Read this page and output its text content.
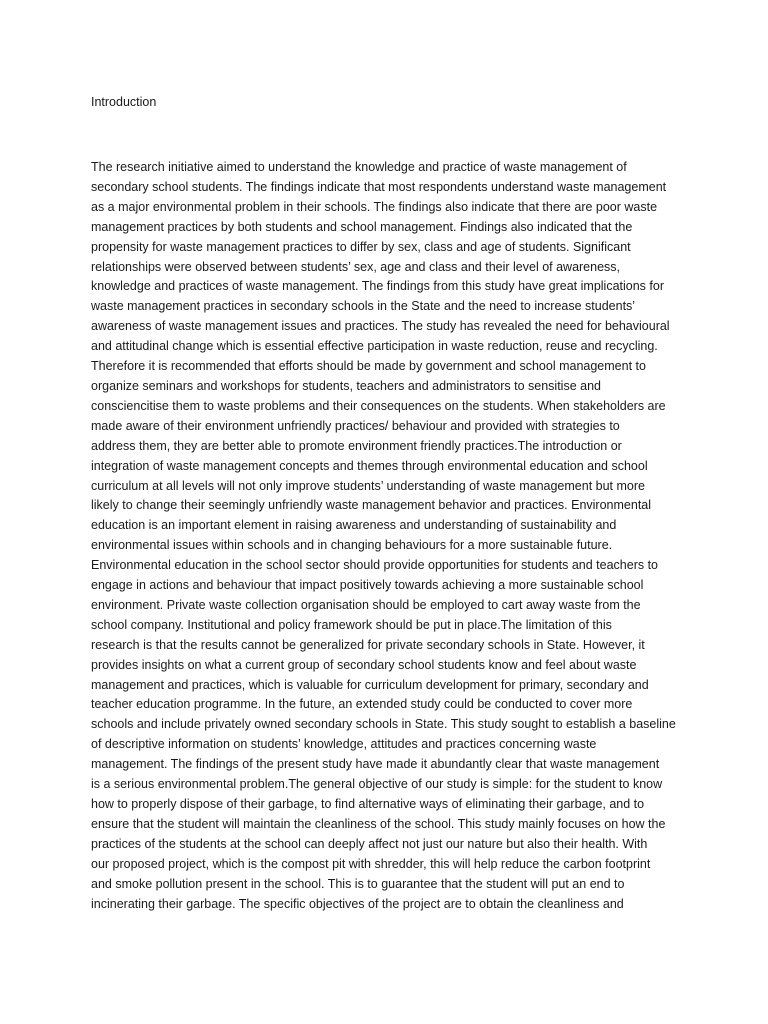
Introduction
The research initiative aimed to understand the knowledge and practice of waste management of
secondary school students. The findings indicate that most respondents understand waste management
as a major environmental problem in their schools. The findings also indicate that there are poor waste
management practices by both students and school management. Findings also indicated that the
propensity for waste management practices to differ by sex, class and age of students. Significant
relationships were observed between students’ sex, age and class and their level of awareness,
knowledge and practices of waste management. The findings from this study have great implications for
waste management practices in secondary schools in the State and the need to increase students’
awareness of waste management issues and practices. The study has revealed the need for behavioural
and attitudinal change which is essential effective participation in waste reduction, reuse and recycling.
Therefore it is recommended that efforts should be made by government and school management to
organize seminars and workshops for students, teachers and administrators to sensitise and
consciencitise them to waste problems and their consequences on the students. When stakeholders are
made aware of their environment unfriendly practices/ behaviour and provided with strategies to
address them, they are better able to promote environment friendly practices.The introduction or
integration of waste management concepts and themes through environmental education and school
curriculum at all levels will not only improve students’ understanding of waste management but more
likely to change their seemingly unfriendly waste management behavior and practices. Environmental
education is an important element in raising awareness and understanding of sustainability and
environmental issues within schools and in changing behaviours for a more sustainable future.
Environmental education in the school sector should provide opportunities for students and teachers to
engage in actions and behaviour that impact positively towards achieving a more sustainable school
environment. Private waste collection organisation should be employed to cart away waste from the
school company. Institutional and policy framework should be put in place.The limitation of this
research is that the results cannot be generalized for private secondary schools in State. However, it
provides insights on what a current group of secondary school students know and feel about waste
management and practices, which is valuable for curriculum development for primary, secondary and
teacher education programme. In the future, an extended study could be conducted to cover more
schools and include privately owned secondary schools in State. This study sought to establish a baseline
of descriptive information on students’ knowledge, attitudes and practices concerning waste
management. The findings of the present study have made it abundantly clear that waste management
is a serious environmental problem.The general objective of our study is simple: for the student to know
how to properly dispose of their garbage, to find alternative ways of eliminating their garbage, and to
ensure that the student will maintain the cleanliness of the school. This study mainly focuses on how the
practices of the students at the school can deeply affect not just our nature but also their health. With
our proposed project, which is the compost pit with shredder, this will help reduce the carbon footprint
and smoke pollution present in the school. This is to guarantee that the student will put an end to
incinerating their garbage. The specific objectives of the project are to obtain the cleanliness and
